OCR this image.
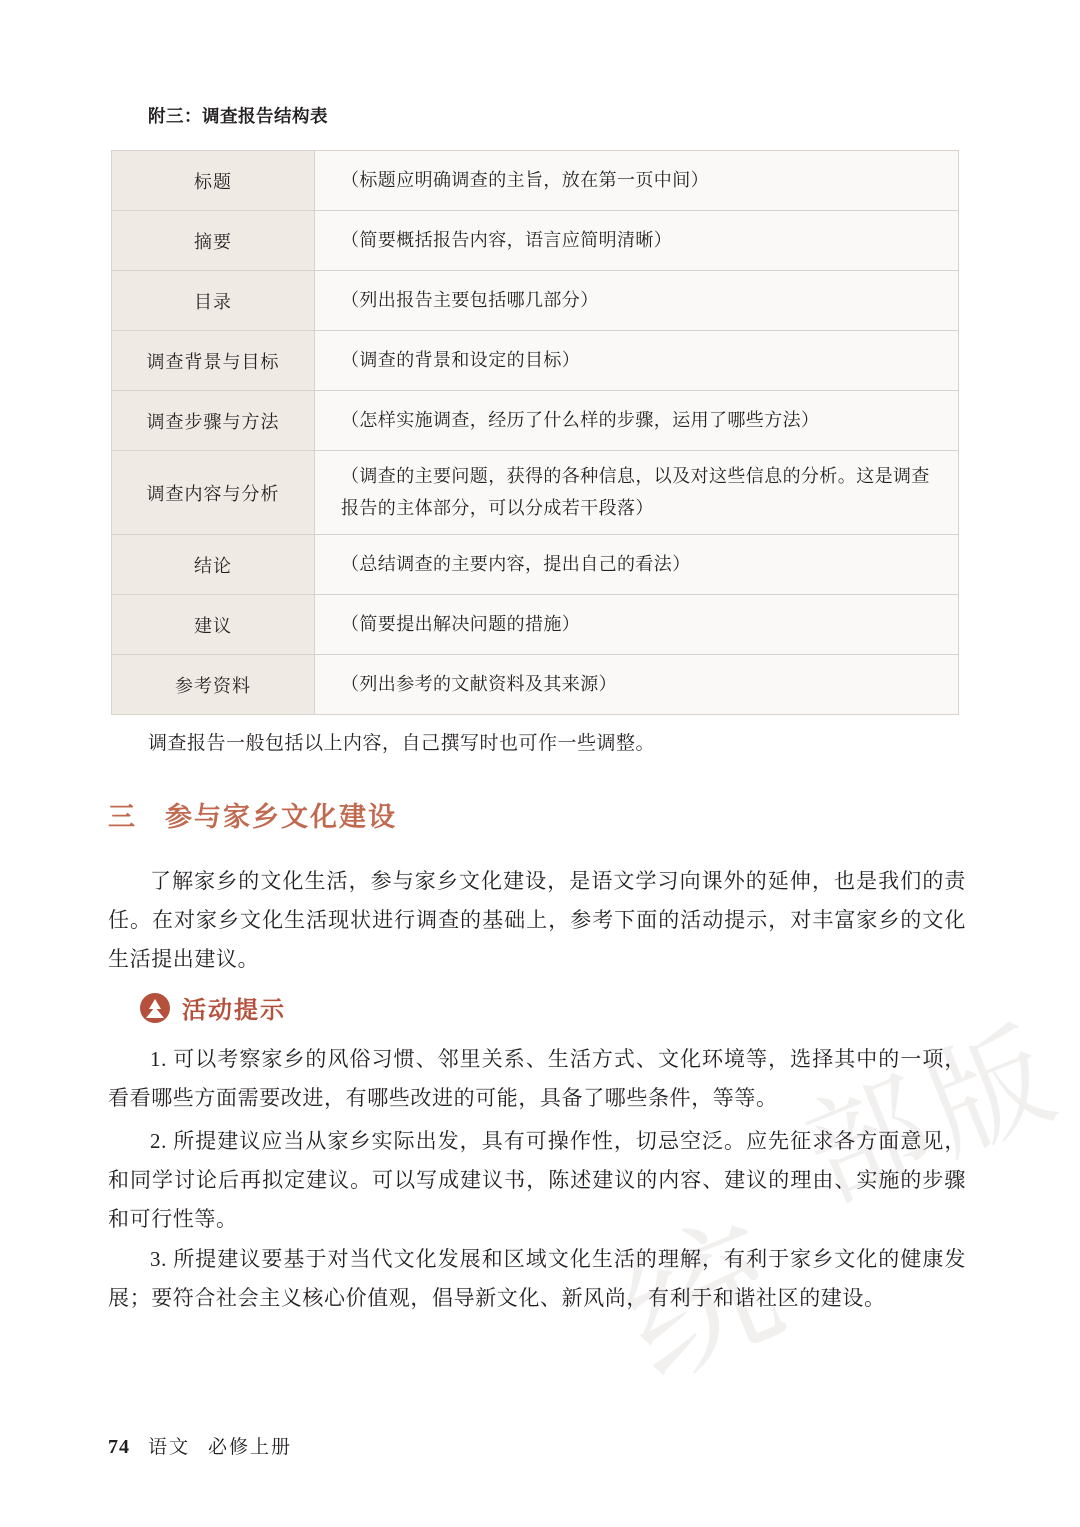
统
部版
附三：调查报告结构表
标题	（标题应明确调查的主旨，放在第一页中间）
摘要	（简要概括报告内容，语言应简明清晰）
目录	（列出报告主要包括哪几部分）
调查背景与目标	（调查的背景和设定的目标）
调查步骤与方法	（怎样实施调查，经历了什么样的步骤，运用了哪些方法）
调查内容与分析	（调查的主要问题，获得的各种信息，以及对这些信息的分析。这是调查报告的主体部分，可以分成若干段落）
结论	（总结调查的主要内容，提出自己的看法）
建议	（简要提出解决问题的措施）
参考资料	（列出参考的文献资料及其来源）
调查报告一般包括以上内容，自己撰写时也可作一些调整。
三 参与家乡文化建设
了解家乡的文化生活，参与家乡文化建设，是语文学习向课外的延伸，也是我们的责任。在对家乡文化生活现状进行调查的基础上，参考下面的活动提示，对丰富家乡的文化生活提出建议。
活动提示
1. 可以考察家乡的风俗习惯、邻里关系、生活方式、文化环境等，选择其中的一项，看看哪些方面需要改进，有哪些改进的可能，具备了哪些条件，等等。
2. 所提建议应当从家乡实际出发，具有可操作性，切忌空泛。应先征求各方面意见，和同学讨论后再拟定建议。可以写成建议书，陈述建议的内容、建议的理由、实施的步骤和可行性等。
3. 所提建议要基于对当代文化发展和区域文化生活的理解，有利于家乡文化的健康发展；要符合社会主义核心价值观，倡导新文化、新风尚，有利于和谐社区的建设。
74 语文 必修上册
